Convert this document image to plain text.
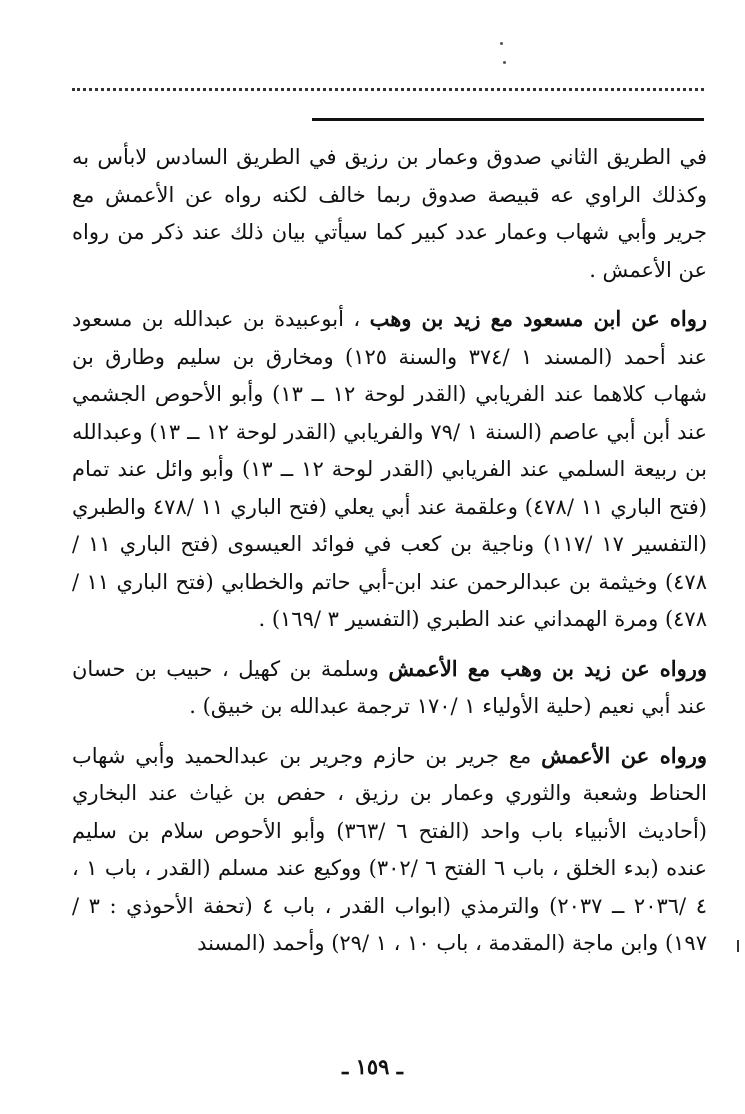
في الطريق الثاني صدوق وعمار بن رزيق في الطريق السادس لابأس به وكذلك الراوي عه قبيصة صدوق ربما خالف لكنه رواه عن الأعمش مع جرير وأبي شهاب وعمار عدد كبير كما سيأتي بيان ذلك عند ذكر من رواه عن الأعمش .

رواه عن ابن مسعود مع زيد بن وهب ، أبوعبيدة بن عبدالله بن مسعود عند أحمد (المسند ١ /٣٧٤ والسنة ١٢٥) ومخارق بن سليم وطارق بن شهاب كلاهما عند الفريابي (القدر لوحة ١٢ ــ ١٣) وأبو الأحوص الجشمي عند أبن أبي عاصم (السنة ١ /٧٩ والفريابي (القدر لوحة ١٢ ــ ١٣) وعبدالله بن ربيعة السلمي عند الفريابي (القدر لوحة ١٢ ــ ١٣) وأبو وائل عند تمام (فتح الباري ١١ /٤٧٨) وعلقمة عند أبي يعلي (فتح الباري ١١ /٤٧٨ والطبري (التفسير ١٧ /١١٧) وناجية بن كعب في فوائد العيسوى (فتح الباري ١١ /٤٧٨) وخيثمة بن عبدالرحمن عند ابن-أبي حاتم والخطابي (فتح الباري ١١ /٤٧٨) ومرة الهمداني عند الطبري (التفسير ٣ /١٦٩) .

ورواه عن زيد بن وهب مع الأعمش وسلمة بن كهيل ، حبيب بن حسان عند أبي نعيم (حلية الأولياء ١ /١٧٠ ترجمة عبدالله بن خبيق) .

ورواه عن الأعمش مع جرير بن حازم وجرير بن عبدالحميد وأبي شهاب الحناط وشعبة والثوري وعمار بن رزيق ، حفص بن غياث عند البخاري (أحاديث الأنبياء باب واحد (الفتح ٦ /٣٦٣) وأبو الأحوص سلام بن سليم عنده (بدء الخلق ، باب ٦ الفتح ٦ /٣٠٢) ووكيع عند مسلم (القدر ، باب ١ ، ٤ /٢٠٣٦ ــ ٢٠٣٧) والترمذي (ابواب القدر ، باب ٤ (تحفة الأحوذي : ٣ /١٩٧) وابن ماجة (المقدمة ، باب ١٠ ، ١ /٢٩) وأحمد (المسند

ـ ١٥٩ ـ
